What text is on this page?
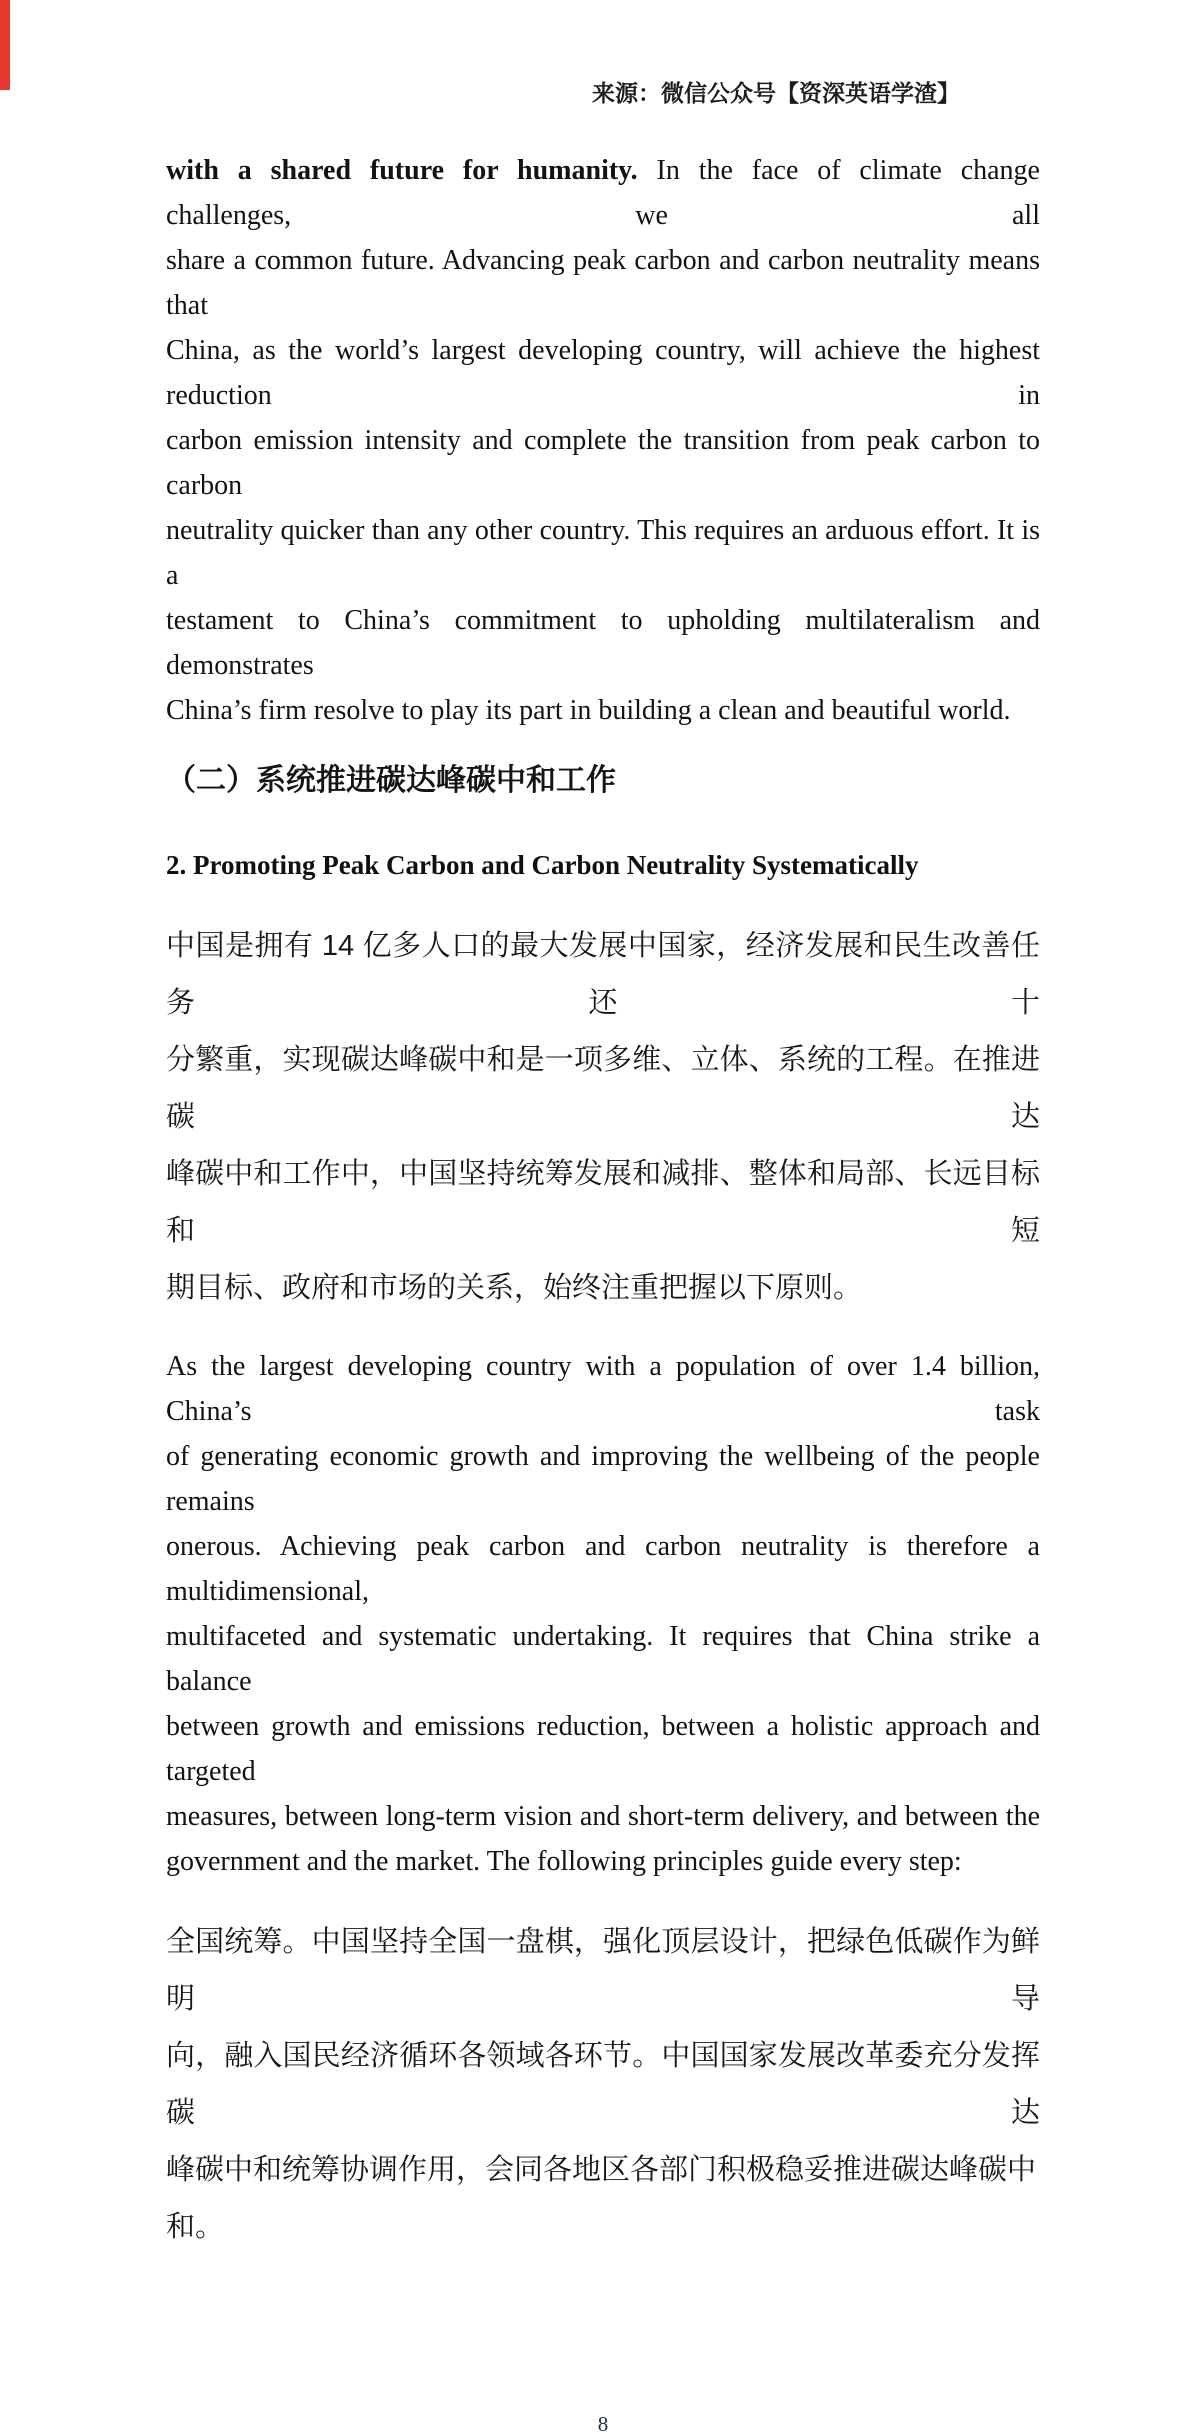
来源：微信公众号【资深英语学渣】
with a shared future for humanity. In the face of climate change challenges, we all
share a common future. Advancing peak carbon and carbon neutrality means that
China, as the world’s largest developing country, will achieve the highest reduction in
carbon emission intensity and complete the transition from peak carbon to carbon
neutrality quicker than any other country. This requires an arduous effort. It is a
testament to China’s commitment to upholding multilateralism and demonstrates
China’s firm resolve to play its part in building a clean and beautiful world.
（二）系统推进碳达峰碳中和工作
2. Promoting Peak Carbon and Carbon Neutrality Systematically
中国是拥有 14 亿多人口的最大发展中国家，经济发展和民生改善任务还十
分繁重，实现碳达峰碳中和是一项多维、立体、系统的工程。在推进碳达
峰碳中和工作中，中国坚持统筹发展和减排、整体和局部、长远目标和短
期目标、政府和市场的关系，始终注重把握以下原则。
As the largest developing country with a population of over 1.4 billion, China’s task
of generating economic growth and improving the wellbeing of the people remains
onerous. Achieving peak carbon and carbon neutrality is therefore a multidimensional,
multifaceted and systematic undertaking. It requires that China strike a balance
between growth and emissions reduction, between a holistic approach and targeted
measures, between long-term vision and short-term delivery, and between the
government and the market. The following principles guide every step:
全国统筹。中国坚持全国一盘棋，强化顶层设计，把绿色低碳作为鲜明导
向，融入国民经济循环各领域各环节。中国国家发展改革委充分发挥碳达
峰碳中和统筹协调作用，会同各地区各部门积极稳妥推进碳达峰碳中和。
8
